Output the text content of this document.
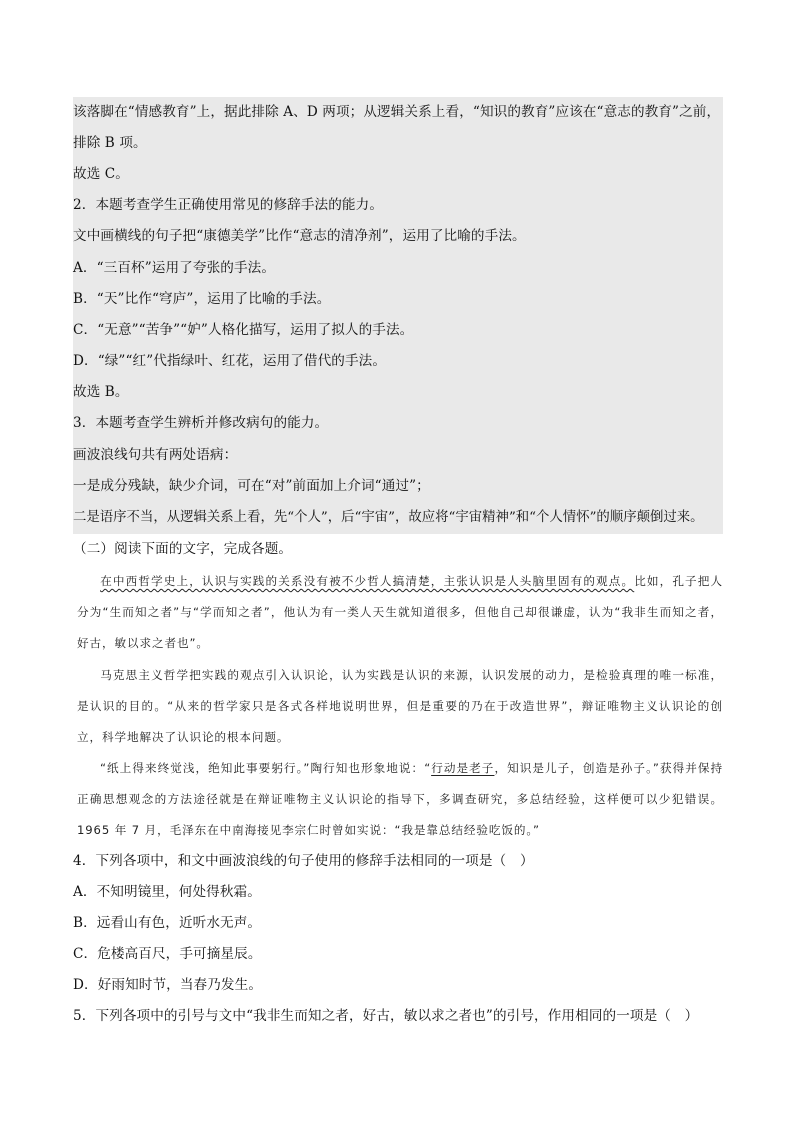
该落脚在“情感教育”上，据此排除 A、D 两项；从逻辑关系上看，“知识的教育”应该在“意志的教育”之前，
排除 B 项。
故选 C。
2．本题考查学生正确使用常见的修辞手法的能力。
文中画横线的句子把“康德美学”比作“意志的清净剂”，运用了比喻的手法。
A．“三百杯”运用了夸张的手法。
B．“天”比作“穹庐”，运用了比喻的手法。
C．“无意”“苦争”“妒”人格化描写，运用了拟人的手法。
D．“绿”“红”代指绿叶、红花，运用了借代的手法。
故选 B。
3．本题考查学生辨析并修改病句的能力。
画波浪线句共有两处语病：
一是成分残缺，缺少介词，可在“对”前面加上介词“通过”；
二是语序不当，从逻辑关系上看，先“个人”，后“宇宙”，故应将“宇宙精神”和“个人情怀”的顺序颠倒过来。
（二）阅读下面的文字，完成各题。
在中西哲学史上，认识与实践的关系没有被不少哲人搞清楚，主张认识是人头脑里固有的观点。比如，孔子把人分为“生而知之者”与“学而知之者”，他认为有一类人天生就知道很多，但他自己却很谦虚，认为“我非生而知之者，好古，敏以求之者也”。
马克思主义哲学把实践的观点引入认识论，认为实践是认识的来源，认识发展的动力，是检验真理的唯一标准，是认识的目的。“从来的哲学家只是各式各样地说明世界，但是重要的乃在于改造世界”，辩证唯物主义认识论的创立，科学地解决了认识论的根本问题。
“纸上得来终觉浅，绝知此事要躬行。”陶行知也形象地说：“行动是老子，知识是儿子，创造是孙子。”获得并保持正确思想观念的方法途径就是在辩证唯物主义认识论的指导下，多调查研究，多总结经验，这样便可以少犯错误。1965 年 7 月，毛泽东在中南海接见李宗仁时曾如实说：“我是靠总结经验吃饭的。”
4．下列各项中，和文中画波浪线的句子使用的修辞手法相同的一项是（　）
A．不知明镜里，何处得秋霜。
B．远看山有色，近听水无声。
C．危楼高百尺，手可摘星辰。
D．好雨知时节，当春乃发生。
5．下列各项中的引号与文中“我非生而知之者，好古，敏以求之者也”的引号，作用相同的一项是（　）
